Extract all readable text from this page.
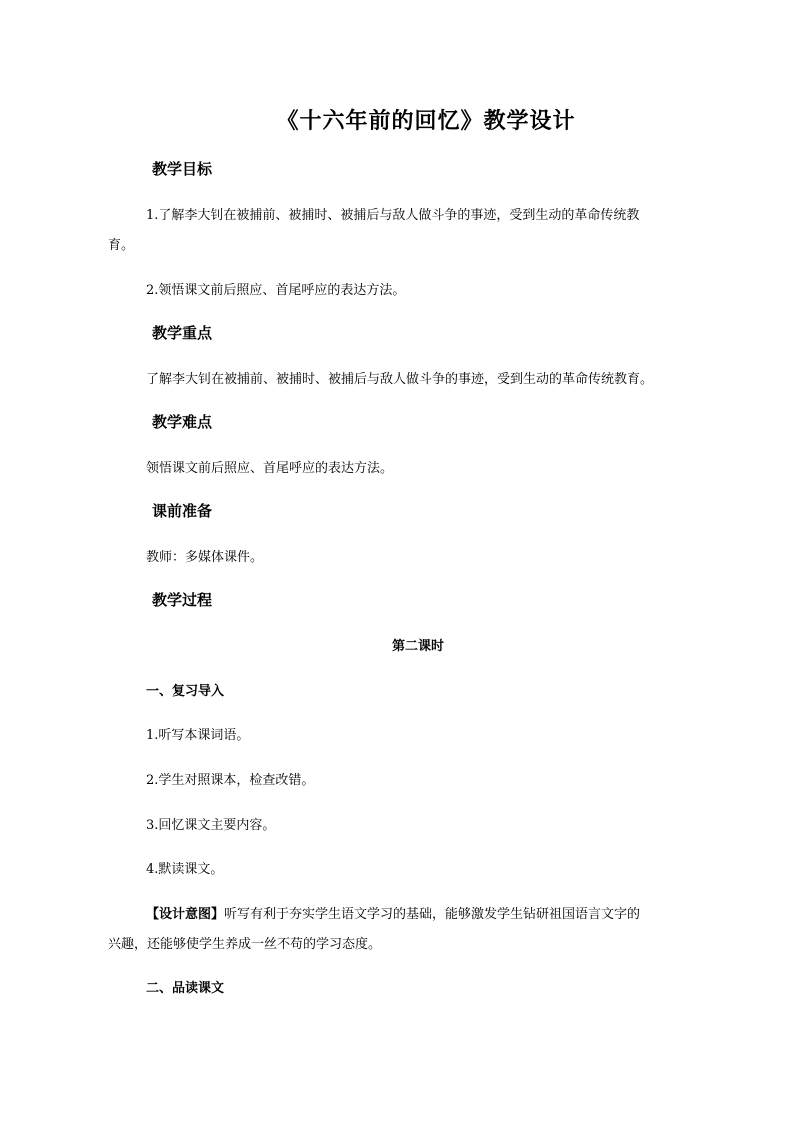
《十六年前的回忆》教学设计
教学目标
1.了解李大钊在被捕前、被捕时、被捕后与敌人做斗争的事迹，受到生动的革命传统教
育。
2.领悟课文前后照应、首尾呼应的表达方法。
教学重点
了解李大钊在被捕前、被捕时、被捕后与敌人做斗争的事迹，受到生动的革命传统教育。
教学难点
领悟课文前后照应、首尾呼应的表达方法。
课前准备
教师：多媒体课件。
教学过程
第二课时
一、复习导入
1.听写本课词语。
2.学生对照课本，检查改错。
3.回忆课文主要内容。
4.默读课文。
【设计意图】听写有利于夯实学生语文学习的基础，能够激发学生钻研祖国语言文字的
兴趣，还能够使学生养成一丝不苟的学习态度。
二、品读课文
